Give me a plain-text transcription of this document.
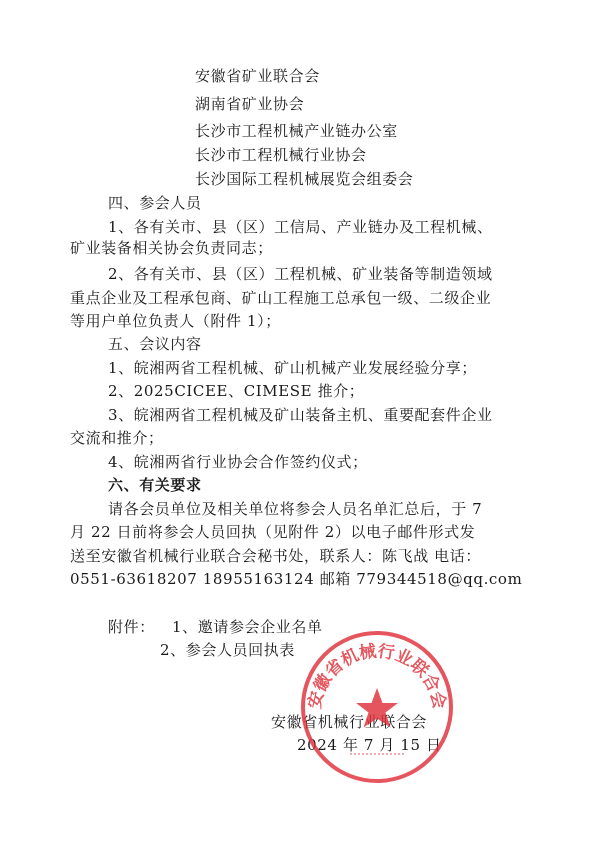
安徽省矿业联合会
湖南省矿业协会
长沙市工程机械产业链办公室
长沙市工程机械行业协会
长沙国际工程机械展览会组委会
四、参会人员
1、各有关市、县（区）工信局、产业链办及工程机械、
矿业装备相关协会负责同志；
2、各有关市、县（区）工程机械、矿业装备等制造领域
重点企业及工程承包商、矿山工程施工总承包一级、二级企业
等用户单位负责人（附件 1）；
五、会议内容
1、皖湘两省工程机械、矿山机械产业发展经验分享；
2、2025CICEE、CIMESE 推介；
3、皖湘两省工程机械及矿山装备主机、重要配套件企业
交流和推介；
4、皖湘两省行业协会合作签约仪式；
六、有关要求
请各会员单位及相关单位将参会人员名单汇总后，于 7
月 22 日前将参会人员回执（见附件 2）以电子邮件形式发
送至安徽省机械行业联合会秘书处，联系人：陈飞战 电话：
0551-63618207 18955163124 邮箱 779344518@qq.com
附件： 1、邀请参会企业名单
2、参会人员回执表
安徽省机械行业联合会
2024 年 7 月 15 日
安徽省机械行业联合会
